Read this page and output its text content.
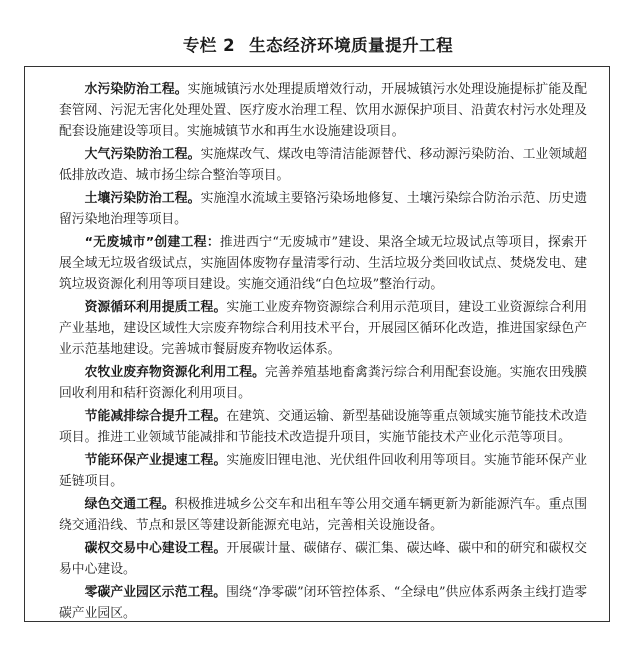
专栏 2 生态经济环境质量提升工程

水污染防治工程。实施城镇污水处理提质增效行动，开展城镇污水处理设施提标扩能及配套管网、污泥无害化处理处置、医疗废水治理工程、饮用水源保护项目、沿黄农村污水处理及配套设施建设等项目。实施城镇节水和再生水设施建设项目。

大气污染防治工程。实施煤改气、煤改电等清洁能源替代、移动源污染防治、工业领域超低排放改造、城市扬尘综合整治等项目。

土壤污染防治工程。实施湟水流域主要铬污染场地修复、土壤污染综合防治示范、历史遗留污染地治理等项目。

“无废城市”创建工程：推进西宁“无废城市”建设、果洛全域无垃圾试点等项目，探索开展全域无垃圾省级试点，实施固体废物存量清零行动、生活垃圾分类回收试点、焚烧发电、建筑垃圾资源化利用等项目建设。实施交通沿线“白色垃圾”整治行动。

资源循环利用提质工程。实施工业废弃物资源综合利用示范项目，建设工业资源综合利用产业基地，建设区域性大宗废弃物综合利用技术平台，开展园区循环化改造，推进国家绿色产业示范基地建设。完善城市餐厨废弃物收运体系。

农牧业废弃物资源化利用工程。完善养殖基地畜禽粪污综合利用配套设施。实施农田残膜回收利用和秸秆资源化利用项目。

节能减排综合提升工程。在建筑、交通运输、新型基础设施等重点领域实施节能技术改造项目。推进工业领域节能减排和节能技术改造提升项目，实施节能技术产业化示范等项目。

节能环保产业提速工程。实施废旧锂电池、光伏组件回收利用等项目。实施节能环保产业延链项目。

绿色交通工程。积极推进城乡公交车和出租车等公用交通车辆更新为新能源汽车。重点围绕交通沿线、节点和景区等建设新能源充电站，完善相关设施设备。

碳权交易中心建设工程。开展碳计量、碳储存、碳汇集、碳达峰、碳中和的研究和碳权交易中心建设。

零碳产业园区示范工程。围绕“净零碳”闭环管控体系、“全绿电”供应体系两条主线打造零碳产业园区。
